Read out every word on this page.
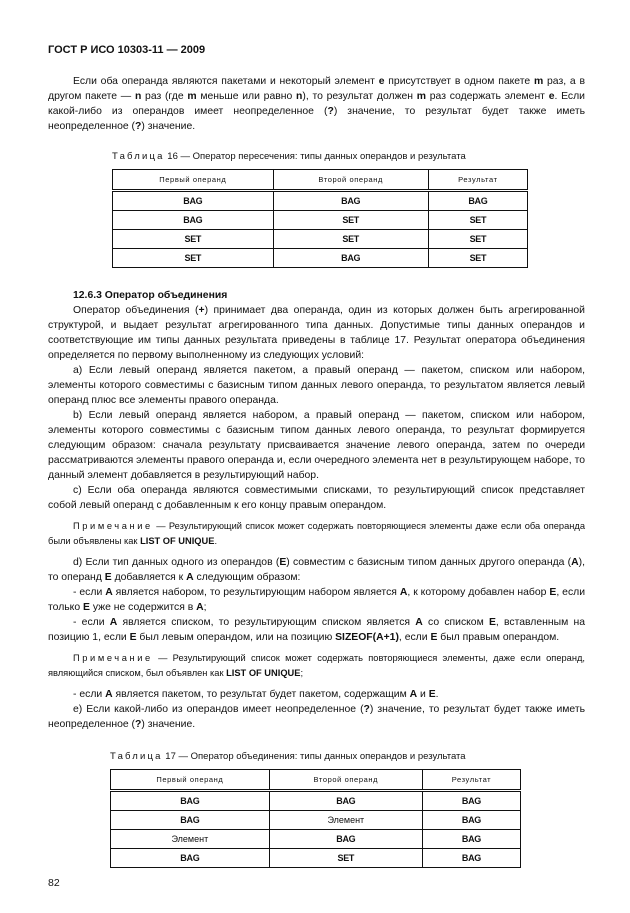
ГОСТ Р ИСО 10303-11 — 2009

Если оба операнда являются пакетами и некоторый элемент e присутствует в одном пакете m раз, а в другом пакете — n раз (где m меньше или равно n), то результат должен m раз содержать элемент e. Если какой-либо из операндов имеет неопределенное (?) значение, то результат будет также иметь неопределенное (?) значение.

Таблица 16 — Оператор пересечения: типы данных операндов и результата
Первый операнд	Второй операнд	Результат
BAG	BAG	BAG
BAG	SET	SET
SET	SET	SET
SET	BAG	SET

12.6.3 Оператор объединения

Оператор объединения (+) принимает два операнда, один из которых должен быть агрегированной структурой, и выдает результат агрегированного типа данных. Допустимые типы данных операндов и соответствующие им типы данных результата приведены в таблице 17. Результат оператора объединения определяется по первому выполненному из следующих условий:

a) Если левый операнд является пакетом, а правый операнд — пакетом, списком или набором, элементы которого совместимы с базисным типом данных левого операнда, то результатом является левый операнд плюс все элементы правого операнда.

b) Если левый операнд является набором, а правый операнд — пакетом, списком или набором, элементы которого совместимы с базисным типом данных левого операнда, то результат формируется следующим образом: сначала результату присваивается значение левого операнда, затем по очереди рассматриваются элементы правого операнда и, если очередного элемента нет в результирующем наборе, то данный элемент добавляется в результирующий набор.

c) Если оба операнда являются совместимыми списками, то результирующий список представляет собой левый операнд с добавленным к его концу правым операндом.

Примечание — Результирующий список может содержать повторяющиеся элементы даже если оба операнда были объявлены как LIST OF UNIQUE.

d) Если тип данных одного из операндов (E) совместим с базисным типом данных другого операнда (A), то операнд E добавляется к A следующим образом:

- если A является набором, то результирующим набором является A, к которому добавлен набор E, если только E уже не содержится в A;

- если A является списком, то результирующим списком является A со списком E, вставленным на позицию 1, если E был левым операндом, или на позицию SIZEOF(A+1), если E был правым операндом.

Примечание — Результирующий список может содержать повторяющиеся элементы, даже если операнд, являющийся списком, был объявлен как LIST OF UNIQUE;

- если A является пакетом, то результат будет пакетом, содержащим A и E.

e) Если какой-либо из операндов имеет неопределенное (?) значение, то результат будет также иметь неопределенное (?) значение.

Таблица 17 — Оператор объединения: типы данных операндов и результата
Первый операнд	Второй операнд	Результат
BAG	BAG	BAG
BAG	Элемент	BAG
Элемент	BAG	BAG
BAG	SET	BAG
82
